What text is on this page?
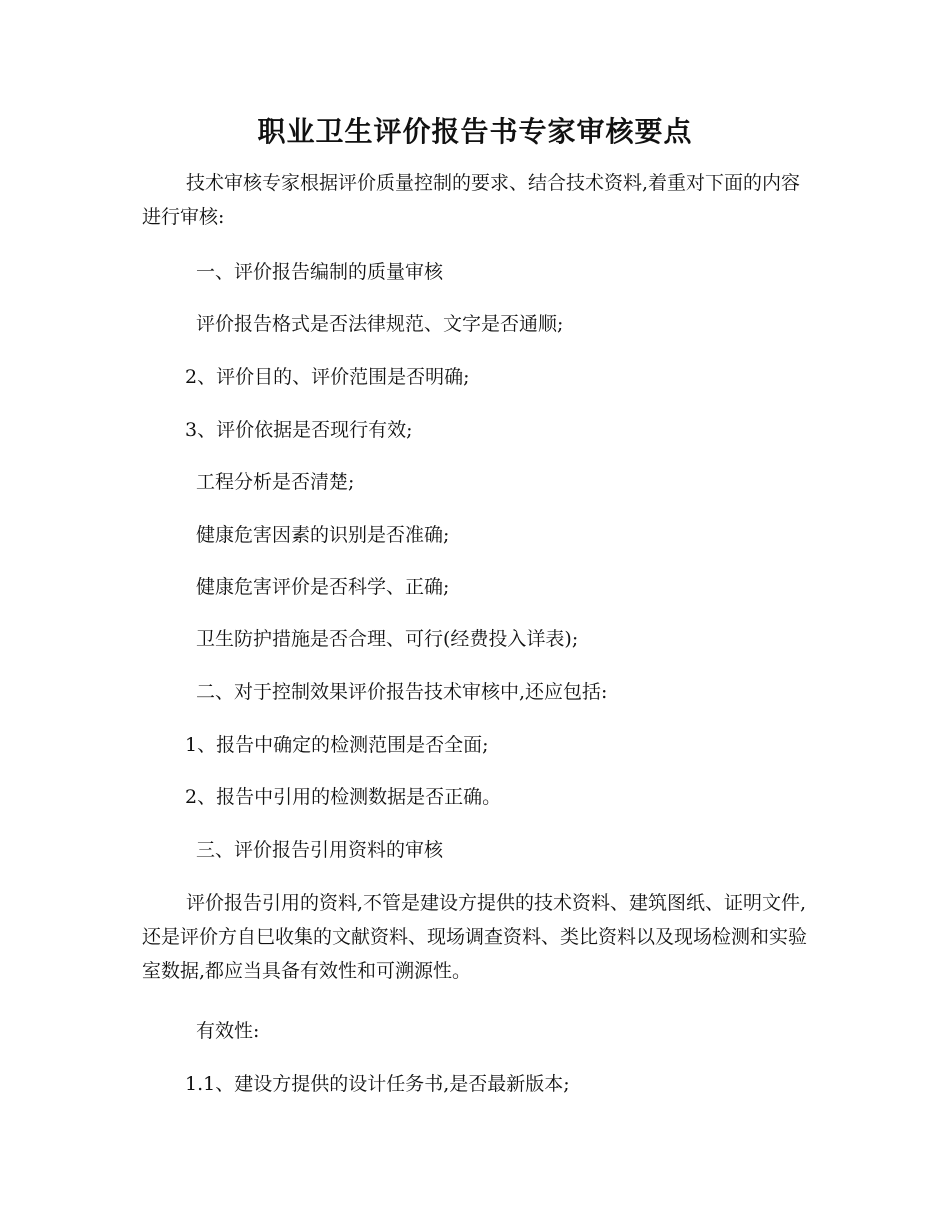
职业卫生评价报告书专家审核要点

技术审核专家根据评价质量控制的要求、结合技术资料,着重对下面的内容进行审核:

一、评价报告编制的质量审核
评价报告格式是否法律规范、文字是否通顺;
2、评价目的、评价范围是否明确;
3、评价依据是否现行有效;
工程分析是否清楚;
健康危害因素的识别是否准确;
健康危害评价是否科学、正确;
卫生防护措施是否合理、可行(经费投入详表);
二、对于控制效果评价报告技术审核中,还应包括:
1、报告中确定的检测范围是否全面;
2、报告中引用的检测数据是否正确。
三、评价报告引用资料的审核

评价报告引用的资料,不管是建设方提供的技术资料、建筑图纸、证明文件,还是评价方自巳收集的文献资料、现场调查资料、类比资料以及现场检测和实验室数据,都应当具备有效性和可溯源性。

有效性:
1.1、建设方提供的设计任务书,是否最新版本;
